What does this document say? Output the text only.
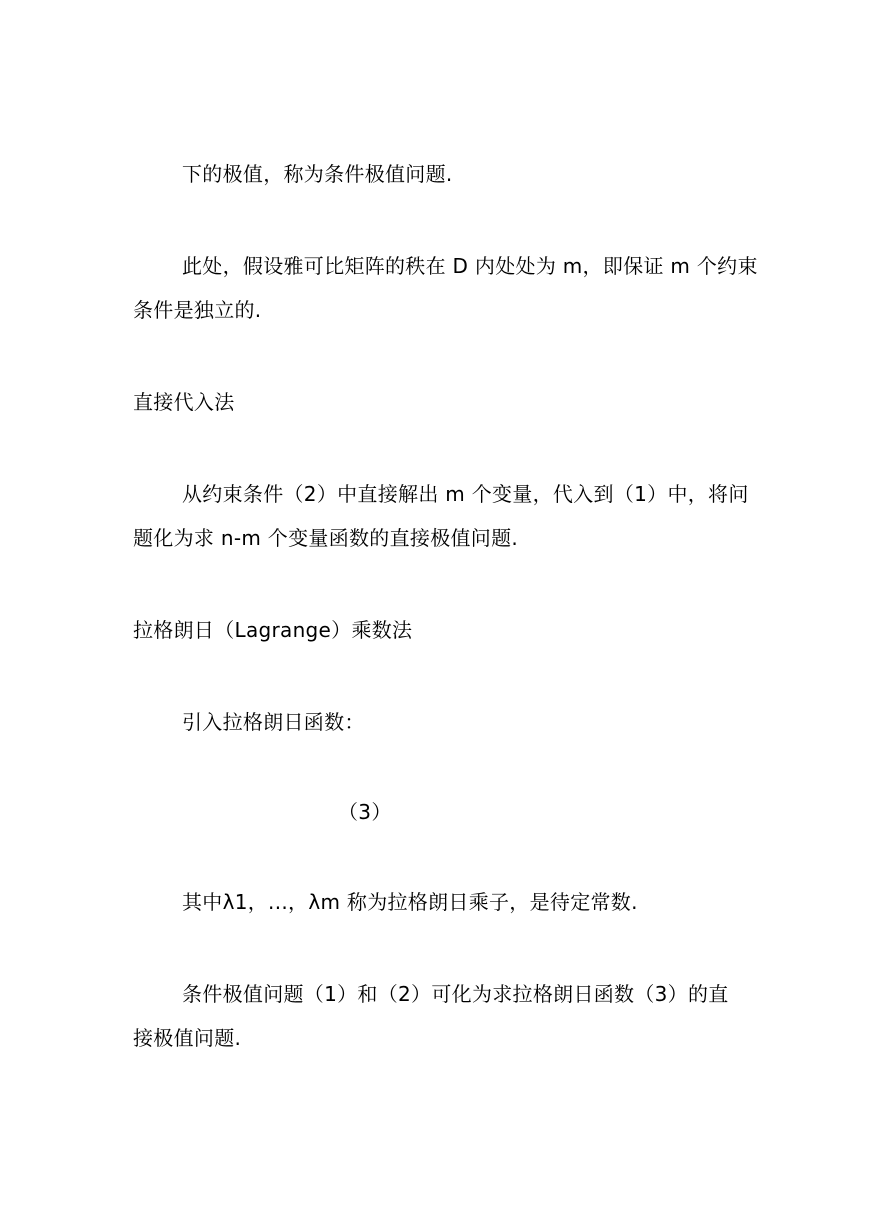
下的极值，称为条件极值问题.
此处，假设雅可比矩阵的秩在 D 内处处为 m，即保证 m 个约束
条件是独立的.
直接代入法
从约束条件（2）中直接解出 m 个变量，代入到（1）中，将问
题化为求 n-m 个变量函数的直接极值问题.
拉格朗日（Lagrange）乘数法
引入拉格朗日函数：
（3）
其中λ1，...，λm 称为拉格朗日乘子，是待定常数.
条件极值问题（1）和（2）可化为求拉格朗日函数（3）的直
接极值问题.
